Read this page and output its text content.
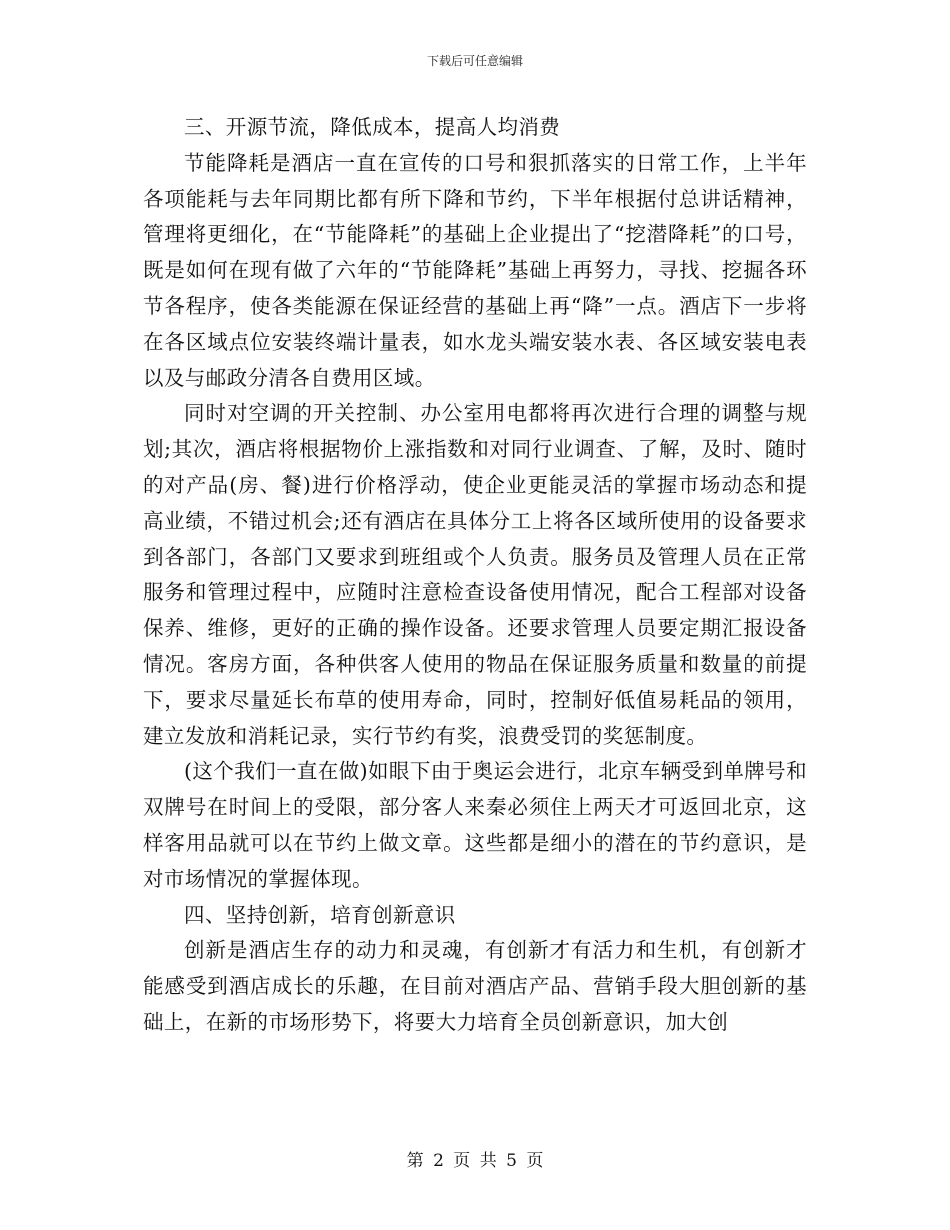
下载后可任意编辑

三、开源节流，降低成本，提高人均消费

节能降耗是酒店一直在宣传的口号和狠抓落实的日常工作，上半年各项能耗与去年同期比都有所下降和节约，下半年根据付总讲话精神，管理将更细化，在“节能降耗”的基础上企业提出了“挖潜降耗”的口号，既是如何在现有做了六年的“节能降耗”基础上再努力，寻找、挖掘各环节各程序，使各类能源在保证经营的基础上再“降”一点。酒店下一步将在各区域点位安装终端计量表，如水龙头端安装水表、各区域安装电表以及与邮政分清各自费用区域。

同时对空调的开关控制、办公室用电都将再次进行合理的调整与规划;其次，酒店将根据物价上涨指数和对同行业调查、了解，及时、随时的对产品(房、餐)进行价格浮动，使企业更能灵活的掌握市场动态和提高业绩，不错过机会;还有酒店在具体分工上将各区域所使用的设备要求到各部门，各部门又要求到班组或个人负责。服务员及管理人员在正常服务和管理过程中，应随时注意检查设备使用情况，配合工程部对设备保养、维修，更好的正确的操作设备。还要求管理人员要定期汇报设备情况。客房方面，各种供客人使用的物品在保证服务质量和数量的前提下，要求尽量延长布草的使用寿命，同时，控制好低值易耗品的领用，建立发放和消耗记录，实行节约有奖，浪费受罚的奖惩制度。

(这个我们一直在做)如眼下由于奥运会进行，北京车辆受到单牌号和双牌号在时间上的受限，部分客人来秦必须住上两天才可返回北京，这样客用品就可以在节约上做文章。这些都是细小的潜在的节约意识，是对市场情况的掌握体现。

四、坚持创新，培育创新意识

创新是酒店生存的动力和灵魂，有创新才有活力和生机，有创新才能感受到酒店成长的乐趣，在目前对酒店产品、营销手段大胆创新的基础上，在新的市场形势下，将要大力培育全员创新意识，加大创

第 2 页 共 5 页
